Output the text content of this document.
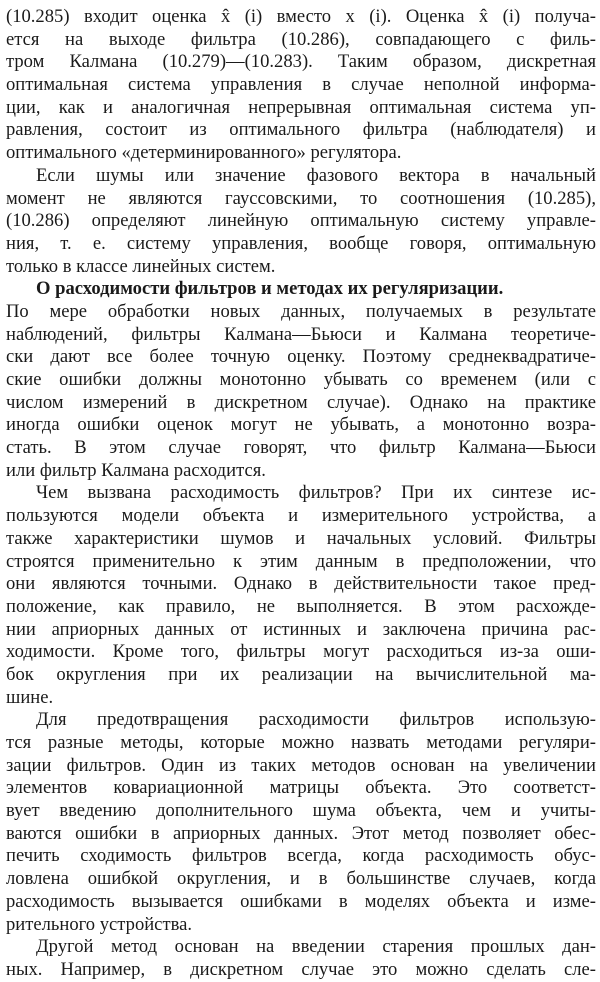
(10.285) входит оценка x̂ (i) вместо x (i). Оценка x̂ (i) получа-
ется на выходе фильтра (10.286), совпадающего с филь-
тром Калмана (10.279)—(10.283). Таким образом, дискретная
оптимальная система управления в случае неполной информа-
ции, как и аналогичная непрерывная оптимальная система уп-
равления, состоит из оптимального фильтра (наблюдателя) и
оптимального «детерминированного» регулятора.
Если шумы или значение фазового вектора в начальный
момент не являются гауссовскими, то соотношения (10.285),
(10.286) определяют линейную оптимальную систему управле-
ния, т. е. систему управления, вообще говоря, оптимальную
только в классе линейных систем.
О расходимости фильтров и методах их регуляризации.
По мере обработки новых данных, получаемых в результате
наблюдений, фильтры Калмана—Бьюси и Калмана теоретиче-
ски дают все более точную оценку. Поэтому среднеквадратиче-
ские ошибки должны монотонно убывать со временем (или с
числом измерений в дискретном случае). Однако на практике
иногда ошибки оценок могут не убывать, а монотонно возра-
стать. В этом случае говорят, что фильтр Калмана—Бьюси
или фильтр Калмана расходится.
Чем вызвана расходимость фильтров? При их синтезе ис-
пользуются модели объекта и измерительного устройства, а
также характеристики шумов и начальных условий. Фильтры
строятся применительно к этим данным в предположении, что
они являются точными. Однако в действительности такое пред-
положение, как правило, не выполняется. В этом расхожде-
нии априорных данных от истинных и заключена причина рас-
ходимости. Кроме того, фильтры могут расходиться из-за оши-
бок округления при их реализации на вычислительной ма-
шине.
Для предотвращения расходимости фильтров использую-
тся разные методы, которые можно назвать методами регуляри-
зации фильтров. Один из таких методов основан на увеличении
элементов ковариационной матрицы объекта. Это соответст-
вует введению дополнительного шума объекта, чем и учиты-
ваются ошибки в априорных данных. Этот метод позволяет обес-
печить сходимость фильтров всегда, когда расходимость обус-
ловлена ошибкой округления, и в большинстве случаев, когда
расходимость вызывается ошибками в моделях объекта и изме-
рительного устройства.
Другой метод основан на введении старения прошлых дан-
ных. Например, в дискретном случае это можно сделать сле-
